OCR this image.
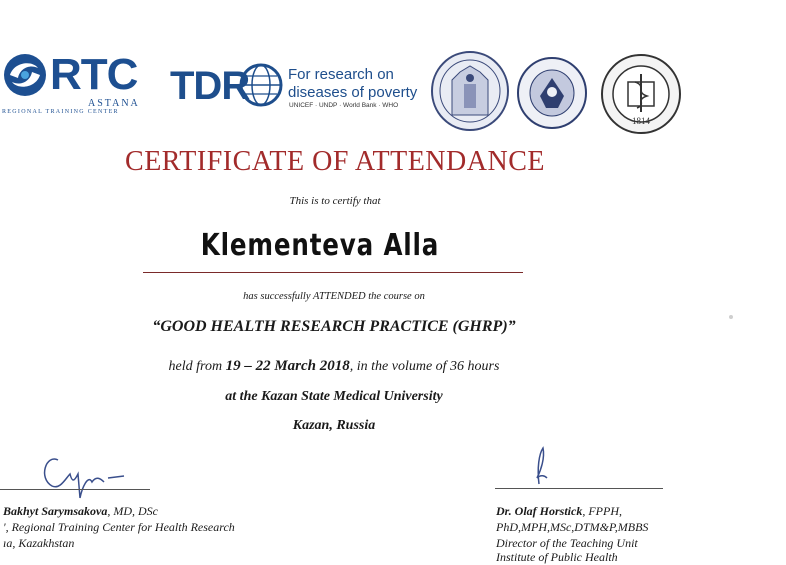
RTC
ASTANA
REGIONAL TRAINING CENTER
TDR	For research on
diseases of poverty
UNICEF · UNDP · World Bank · WHO
1814
CERTIFICATE OF ATTENDANCE
This is to certify that
Klementeva Alla
has successfully ATTENDED the course on
“GOOD HEALTH RESEARCH PRACTICE (GHRP)”
held from 19 – 22 March 2018, in the volume of 36 hours
at the Kazan State Medical University
Kazan, Russia
Bakhyt Sarymsakova, MD, DSc
', Regional Training Center for Health Research
ıa, Kazakhstan
Dr. Olaf Horstick, FPPH,
PhD,MPH,MSc,DTM&P,MBBS
Director of the Teaching Unit
Institute of Public Health
